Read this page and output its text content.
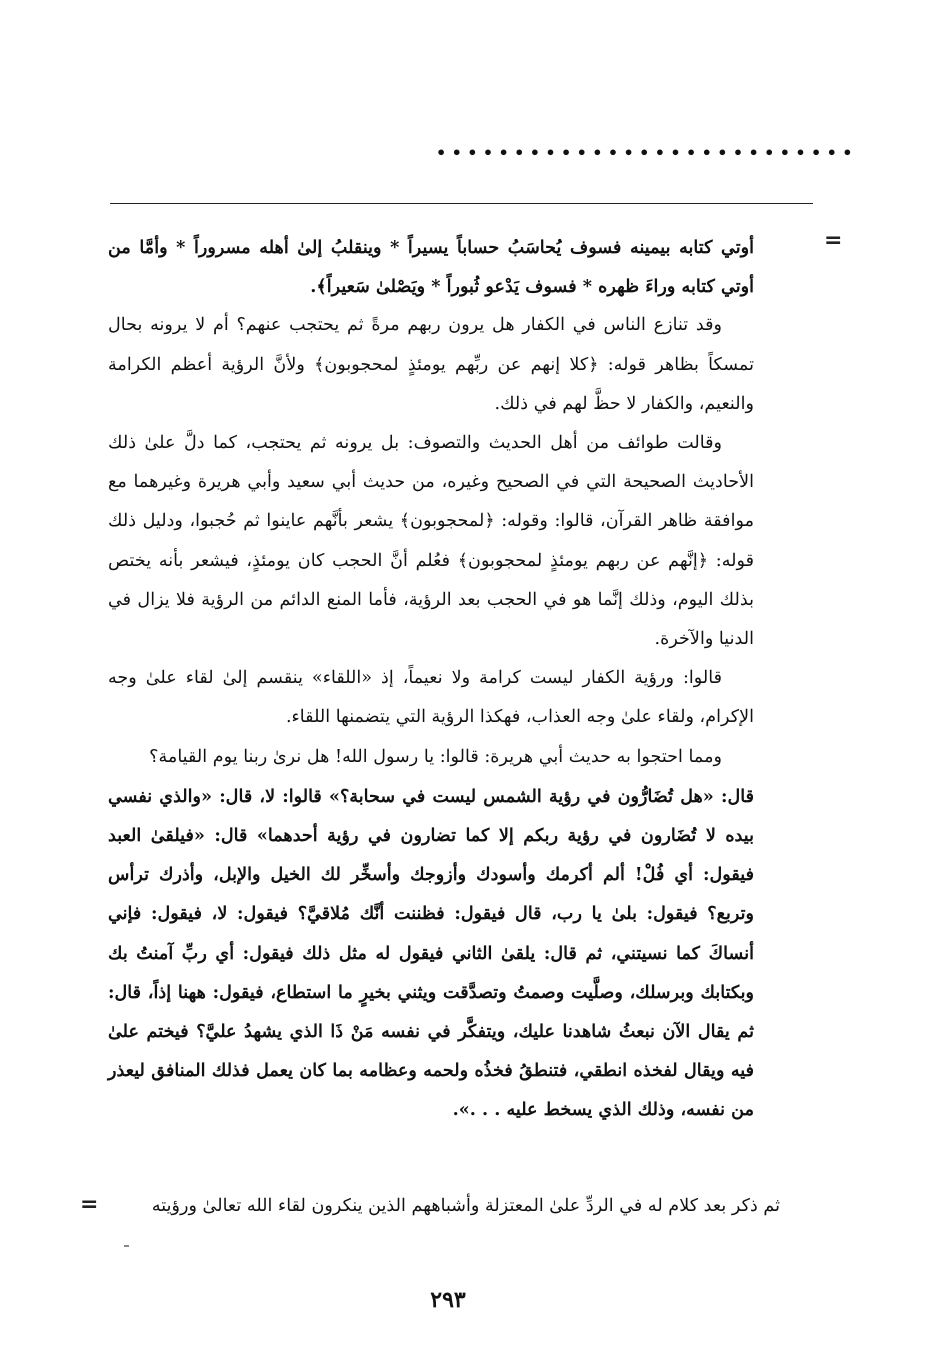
•••••••••••••••••••••••••••
=

أوتي كتابه بيمينه فسوف يُحاسَبُ حساباً يسيراً * وينقلبُ إلىٰ أهله مسروراً * وأمَّا من أوتي كتابه وراءَ ظهره * فسوف يَدْعو ثُبوراً * ويَصْلىٰ سَعيراً﴾.

وقد تنازع الناس في الكفار هل يرون ربهم مرةً ثم يحتجب عنهم؟ أم لا يرونه بحال تمسكاً بظاهر قوله: ﴿كلا إنهم عن ربِّهم يومئذٍ لمحجوبون﴾ ولأنَّ الرؤية أعظم الكرامة والنعيم، والكفار لا حظَّ لهم في ذلك.

وقالت طوائف من أهل الحديث والتصوف: بل يرونه ثم يحتجب، كما دلَّ علىٰ ذلك الأحاديث الصحيحة التي في الصحيح وغيره، من حديث أبي سعيد وأبي هريرة وغيرهما مع موافقة ظاهر القرآن، قالوا: وقوله: ﴿لمحجوبون﴾ يشعر بأنَّهم عاينوا ثم حُجبوا، ودليل ذلك قوله: ﴿إنَّهم عن ربهم يومئذٍ لمحجوبون﴾ فعُلم أنَّ الحجب كان يومئذٍ، فيشعر بأنه يختص بذلك اليوم، وذلك إنَّما هو في الحجب بعد الرؤية، فأما المنع الدائم من الرؤية فلا يزال في الدنيا والآخرة.

قالوا: ورؤية الكفار ليست كرامة ولا نعيماً، إذ «اللقاء» ينقسم إلىٰ لقاء علىٰ وجه الإكرام، ولقاء علىٰ وجه العذاب، فهكذا الرؤية التي يتضمنها اللقاء.

ومما احتجوا به حديث أبي هريرة: قالوا: يا رسول الله! هل نرىٰ ربنا يوم القيامة؟

قال: «هل تُضَارُّون في رؤية الشمس ليست في سحابة؟» قالوا: لا، قال: «والذي نفسي بيده لا تُضَارون في رؤية ربكم إلا كما تضارون في رؤية أحدهما» قال: «فيلقىٰ العبد فيقول: أي فُلْ! ألم أكرمك وأسودك وأزوجك وأسخِّر لك الخيل والإبل، وأذرك ترأس وتربع؟ فيقول: بلىٰ يا رب، قال فيقول: فظننت أنَّك مُلاقيَّ؟ فيقول: لا، فيقول: فإني أنساكَ كما نسيتني، ثم قال: يلقىٰ الثاني فيقول له مثل ذلك فيقول: أي ربِّ آمنتُ بك وبكتابك وبرسلك، وصلَّيت وصمتُ وتصدَّقت ويثني بخيرٍ ما استطاع، فيقول: ههنا إذاً، قال: ثم يقال الآن نبعثُ شاهدنا عليك، ويتفكَّر في نفسه مَنْ ذَا الذي يشهدُ عليَّ؟ فيختم علىٰ فيه ويقال لفخذه انطقي، فتنطقُ فخذُه ولحمه وعظامه بما كان يعمل فذلك المنافق ليعذر من نفسه، وذلك الذي يسخط عليه . . .».

ثم ذكر بعد كلام له في الردِّ علىٰ المعتزلة وأشباههم الذين ينكرون لقاء الله تعالىٰ ورؤيته
=
٢٩٣
